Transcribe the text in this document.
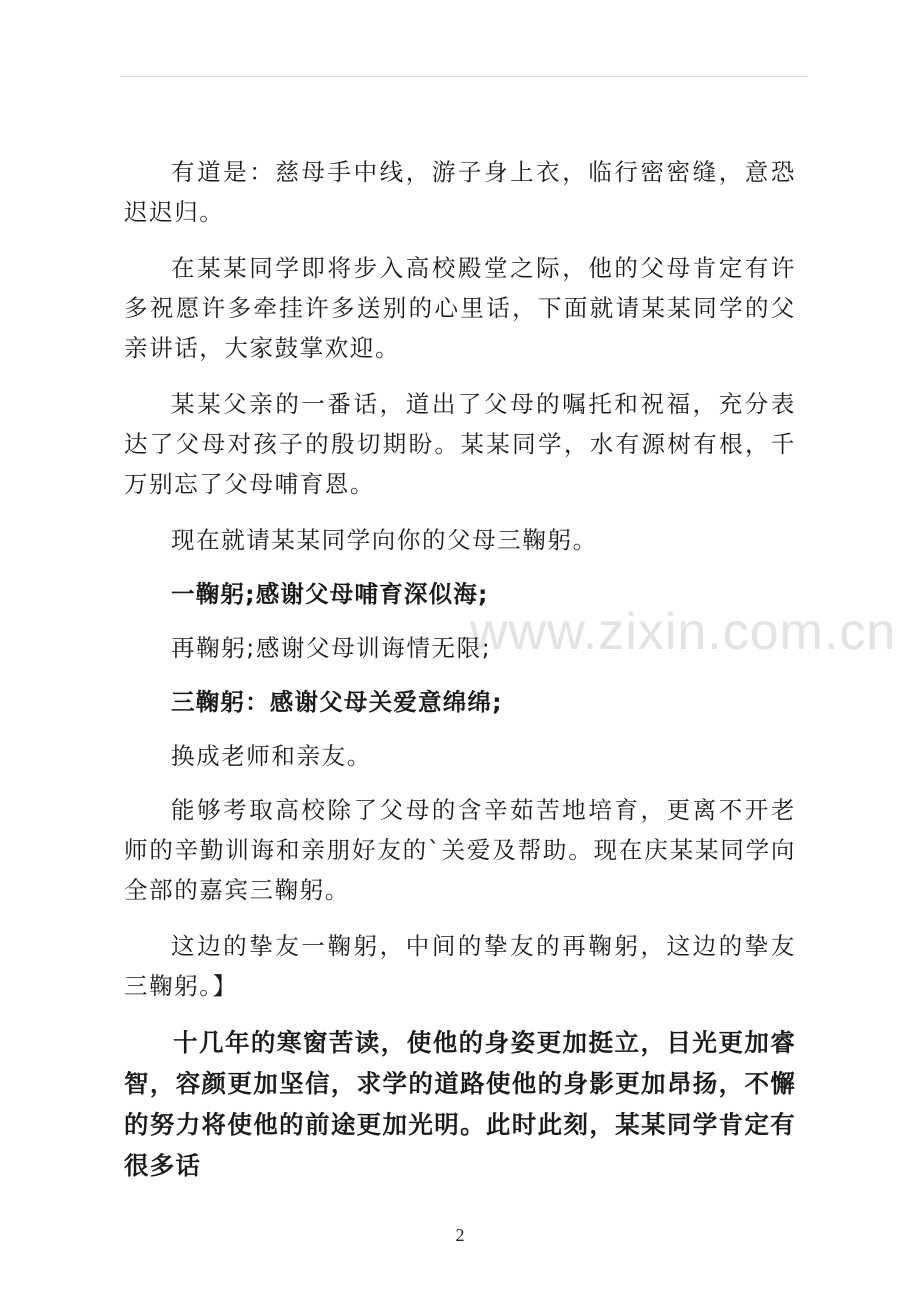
www.zixin.com.cn

有道是：慈母手中线，游子身上衣，临行密密缝，意恐迟迟归。

在某某同学即将步入高校殿堂之际，他的父母肯定有许多祝愿许多牵挂许多送别的心里话，下面就请某某同学的父亲讲话，大家鼓掌欢迎。

某某父亲的一番话，道出了父母的嘱托和祝福，充分表达了父母对孩子的殷切期盼。某某同学，水有源树有根，千万别忘了父母哺育恩。

现在就请某某同学向你的父母三鞠躬。

一鞠躬;感谢父母哺育深似海;

再鞠躬;感谢父母训诲情无限;

三鞠躬：感谢父母关爱意绵绵;

换成老师和亲友。

能够考取高校除了父母的含辛茹苦地培育，更离不开老师的辛勤训诲和亲朋好友的`关爱及帮助。现在庆某某同学向全部的嘉宾三鞠躬。

这边的挚友一鞠躬，中间的挚友的再鞠躬，这边的挚友三鞠躬。】

十几年的寒窗苦读，使他的身姿更加挺立，目光更加睿智，容颜更加坚信，求学的道路使他的身影更加昂扬，不懈的努力将使他的前途更加光明。此时此刻，某某同学肯定有很多话

2
